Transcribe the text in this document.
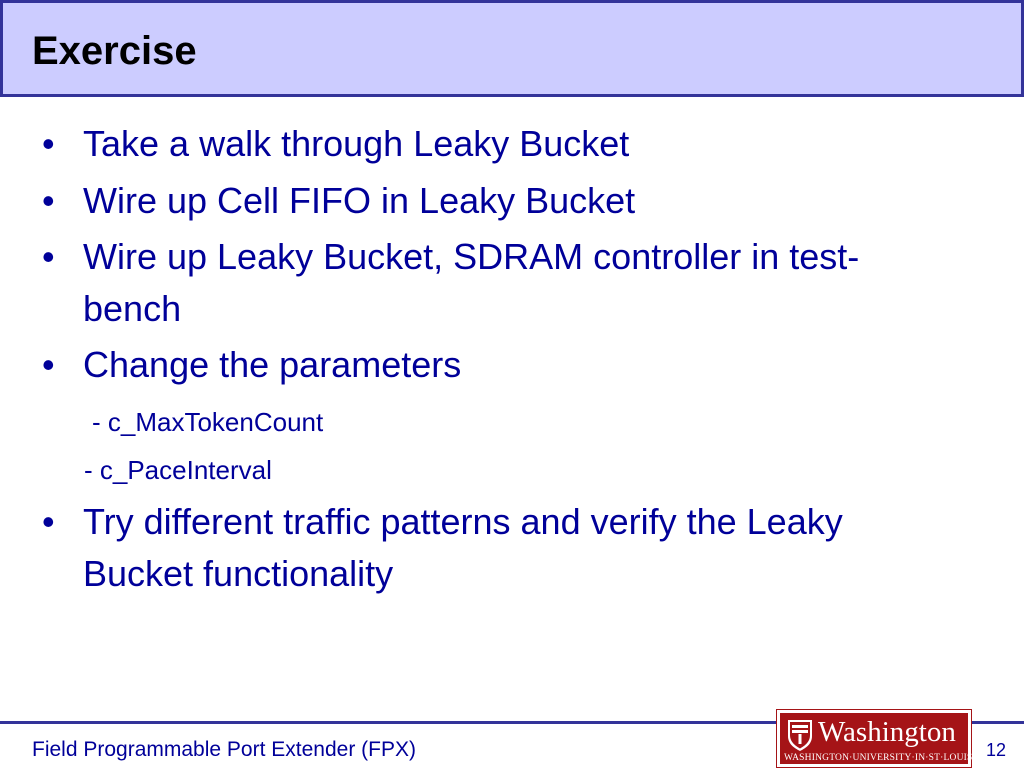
Exercise
• Take a walk through Leaky Bucket
• Wire up Cell FIFO in Leaky Bucket
• Wire up Leaky Bucket, SDRAM controller in test-bench
• Change the parameters
- c_MaxTokenCount
- c_PaceInterval
• Try different traffic patterns and verify the Leaky Bucket functionality
Field Programmable Port Extender (FPX)
Washington
WASHINGTON·UNIVERSITY·IN·ST·LOUIS 12
